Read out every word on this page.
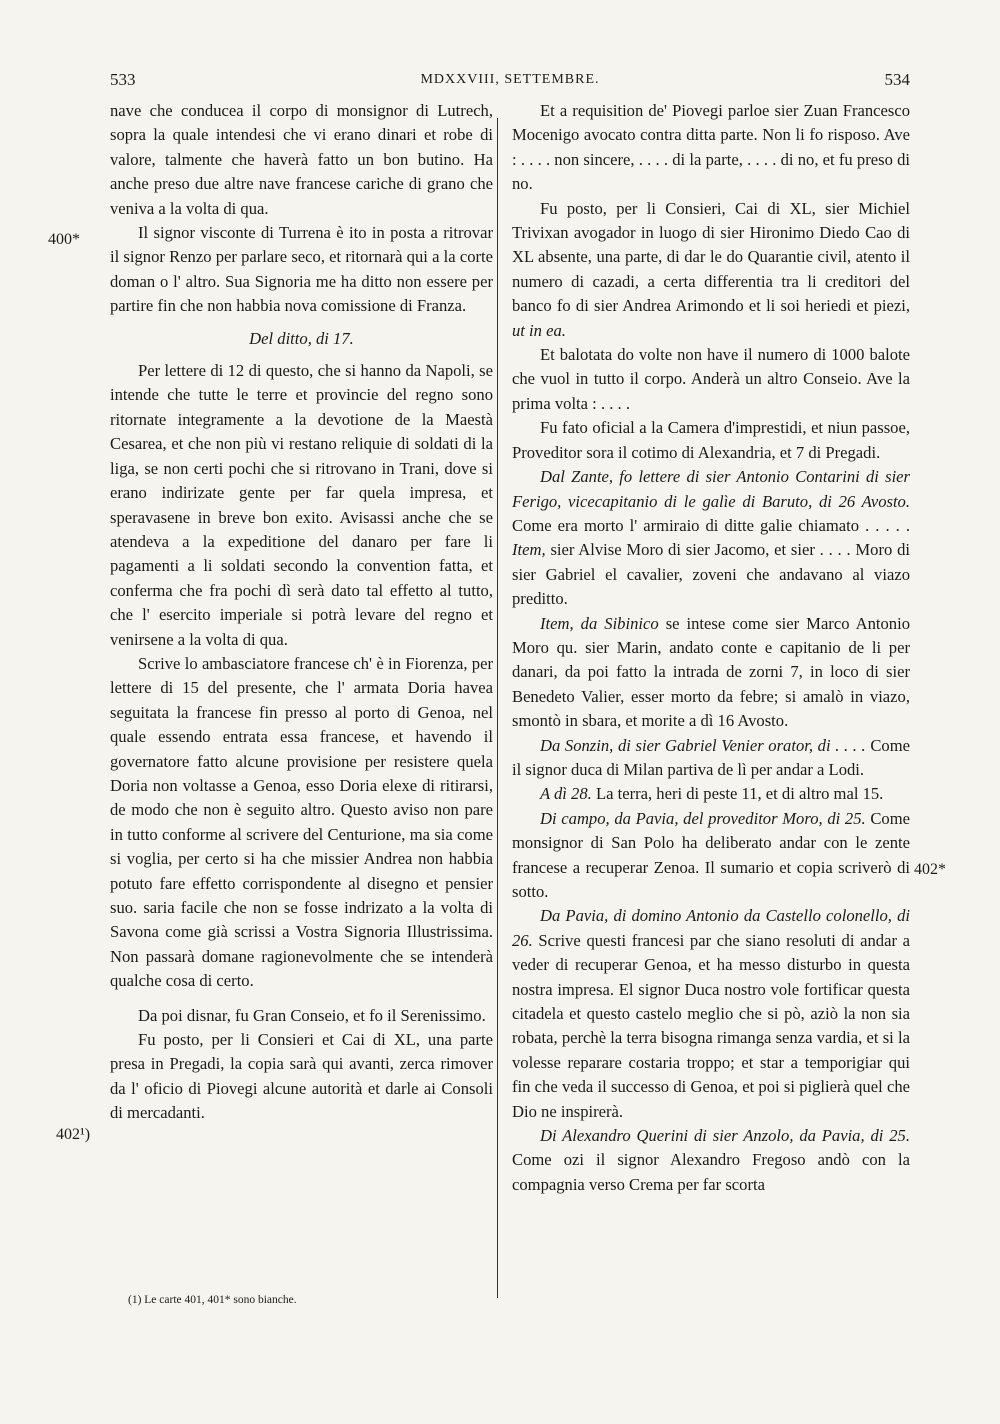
533	MDXXVIII, SETTEMBRE.	534
400*
402¹)
402*

nave che conducea il corpo di monsignor di Lutrech, sopra la quale intendesi che vi erano dinari et robe di valore, talmente che haverà fatto un bon butino. Ha anche preso due altre nave francese cariche di grano che veniva a la volta di qua.

Il signor visconte di Turrena è ito in posta a ritrovar il signor Renzo per parlare seco, et ritornarà qui a la corte doman o l' altro. Sua Signoria me ha ditto non essere per partire fin che non habbia nova comissione di Franza.

Del ditto, di 17.

Per lettere di 12 di questo, che si hanno da Napoli, se intende che tutte le terre et provincie del regno sono ritornate integramente a la devotione de la Maestà Cesarea, et che non più vi restano reliquie di soldati di la liga, se non certi pochi che si ritrovano in Trani, dove si erano indirizate gente per far quela impresa, et speravasene in breve bon exito. Avisassi anche che se atendeva a la expeditione del danaro per fare li pagamenti a li soldati secondo la convention fatta, et conferma che fra pochi dì serà dato tal effetto al tutto, che l' esercito imperiale si potrà levare del regno et venirsene a la volta di qua.

Scrive lo ambasciatore francese ch' è in Fiorenza, per lettere di 15 del presente, che l' armata Doria havea seguitata la francese fin presso al porto di Genoa, nel quale essendo entrata essa francese, et havendo il governatore fatto alcune provisione per resistere quela Doria non voltasse a Genoa, esso Doria elexe di ritirarsi, de modo che non è seguito altro. Questo aviso non pare in tutto conforme al scrivere del Centurione, ma sia come si voglia, per certo si ha che missier Andrea non habbia potuto fare effetto corrispondente al disegno et pensier suo. saria facile che non se fosse indrizato a la volta di Savona come già scrissi a Vostra Signoria Illustrissima. Non passarà domane ragionevolmente che se intenderà qualche cosa di certo.

Da poi disnar, fu Gran Conseio, et fo il Serenissimo.

Fu posto, per li Consieri et Cai di XL, una parte presa in Pregadi, la copia sarà qui avanti, zerca rimover da l' oficio di Piovegi alcune autorità et darle ai Consoli di mercadanti.

Et a requisition de' Piovegi parloe sier Zuan Francesco Mocenigo avocato contra ditta parte. Non li fo risposo. Ave : . . . . non sincere, . . . . di la parte, . . . . di no, et fu preso di no.

Fu posto, per li Consieri, Cai di XL, sier Michiel Trivixan avogador in luogo di sier Hironimo Diedo Cao di XL absente, una parte, di dar le do Quarantie civil, atento il numero di cazadi, a certa differentia tra li creditori del banco fo di sier Andrea Arimondo et li soi heriedi et piezi, ut in ea.

Et balotata do volte non have il numero di 1000 balote che vuol in tutto il corpo. Anderà un altro Conseio. Ave la prima volta : . . . .

Fu fato oficial a la Camera d'imprestidi, et niun passoe, Proveditor sora il cotimo di Alexandria, et 7 di Pregadi.

Dal Zante, fo lettere di sier Antonio Contarini di sier Ferigo, vicecapitanio di le galìe di Baruto, di 26 Avosto. Come era morto l' armiraio di ditte galie chiamato . . . . . Item, sier Alvise Moro di sier Jacomo, et sier . . . . Moro di sier Gabriel el cavalier, zoveni che andavano al viazo preditto.

Item, da Sibinico se intese come sier Marco Antonio Moro qu. sier Marin, andato conte e capitanio de li per danari, da poi fatto la intrada de zorni 7, in loco di sier Benedeto Valier, esser morto da febre; si amalò in viazo, smontò in sbara, et morite a dì 16 Avosto.

Da Sonzin, di sier Gabriel Venier orator, di . . . . Come il signor duca di Milan partiva de lì per andar a Lodi.

A dì 28. La terra, heri di peste 11, et di altro mal 15.

Di campo, da Pavia, del proveditor Moro, di 25. Come monsignor di San Polo ha deliberato andar con le zente francese a recuperar Zenoa. Il sumario et copia scriverò di sotto.

Da Pavia, di domino Antonio da Castello colonello, di 26. Scrive questi francesi par che siano resoluti di andar a veder di recuperar Genoa, et ha messo disturbo in questa nostra impresa. El signor Duca nostro vole fortificar questa citadela et questo castelo meglio che si pò, aziò la non sia robata, perchè la terra bisogna rimanga senza vardia, et si la volesse reparare costaria troppo; et star a temporigiar qui fin che veda il successo di Genoa, et poi si piglierà quel che Dio ne inspirerà.

Di Alexandro Querini di sier Anzolo, da Pavia, di 25. Come ozi il signor Alexandro Fregoso andò con la compagnia verso Crema per far scorta

(1) Le carte 401, 401* sono bianche.
